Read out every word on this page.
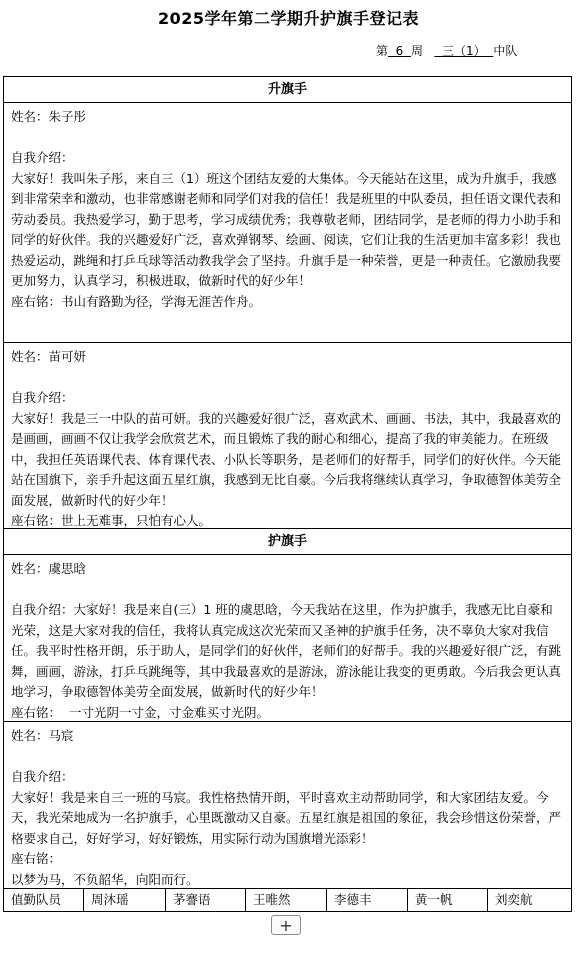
2025学年第二学期升护旗手登记表
第 6 周     三（1） 中队
升旗手
姓名：朱子彤
自我介绍：
大家好！我叫朱子彤，来自三（1）班这个团结友爱的大集体。今天能站在这里，成为升旗手，我感到非常荣幸和激动，也非常感谢老师和同学们对我的信任！我是班里的中队委员，担任语文课代表和劳动委员。我热爱学习，勤于思考，学习成绩优秀；我尊敬老师，团结同学，是老师的得力小助手和同学的好伙伴。我的兴趣爱好广泛，喜欢弹钢琴、绘画、阅读，它们让我的生活更加丰富多彩！我也热爱运动，跳绳和打乒乓球等活动教我学会了坚持。升旗手是一种荣誉，更是一种责任。它激励我要更加努力，认真学习，积极进取，做新时代的好少年！
座右铭：书山有路勤为径，学海无涯苦作舟。
姓名：苗可妍
自我介绍：
大家好！我是三一中队的苗可妍。我的兴趣爱好很广泛，喜欢武术、画画、书法，其中，我最喜欢的是画画，画画不仅让我学会欣赏艺术，而且锻炼了我的耐心和细心，提高了我的审美能力。在班级中，我担任英语课代表、体育课代表、小队长等职务，是老师们的好帮手，同学们的好伙伴。今天能站在国旗下，亲手升起这面五星红旗，我感到无比自豪。今后我将继续认真学习，争取德智体美劳全面发展，做新时代的好少年！
座右铭：世上无难事，只怕有心人。
护旗手
姓名：虞思晗
自我介绍：大家好！我是来自(三）1 班的虞思晗，今天我站在这里，作为护旗手，我感无比自豪和光荣，这是大家对我的信任，我将认真完成这次光荣而又圣神的护旗手任务，决不辜负大家对我信任。我平时性格开朗，乐于助人，是同学们的好伙伴，老师们的好帮手。我的兴趣爱好很广泛，有跳舞，画画，游泳，打乒乓跳绳等，其中我最喜欢的是游泳，游泳能让我变的更勇敢。今后我会更认真地学习，争取德智体美劳全面发展，做新时代的好少年！
座右铭：  一寸光阴一寸金，寸金难买寸光阴。
姓名：马宸
自我介绍：
大家好！我是来自三一班的马宸。我性格热情开朗，平时喜欢主动帮助同学，和大家团结友爱。今天，我光荣地成为一名护旗手，心里既激动又自豪。五星红旗是祖国的象征，我会珍惜这份荣誉，严格要求自己，好好学习，好好锻炼，用实际行动为国旗增光添彩！
座右铭：
以梦为马，不负韶华，向阳而行。
值勤队员	周沐瑶	茅謇语	王唯然	李德丰	黄一帆	刘奕航
+
